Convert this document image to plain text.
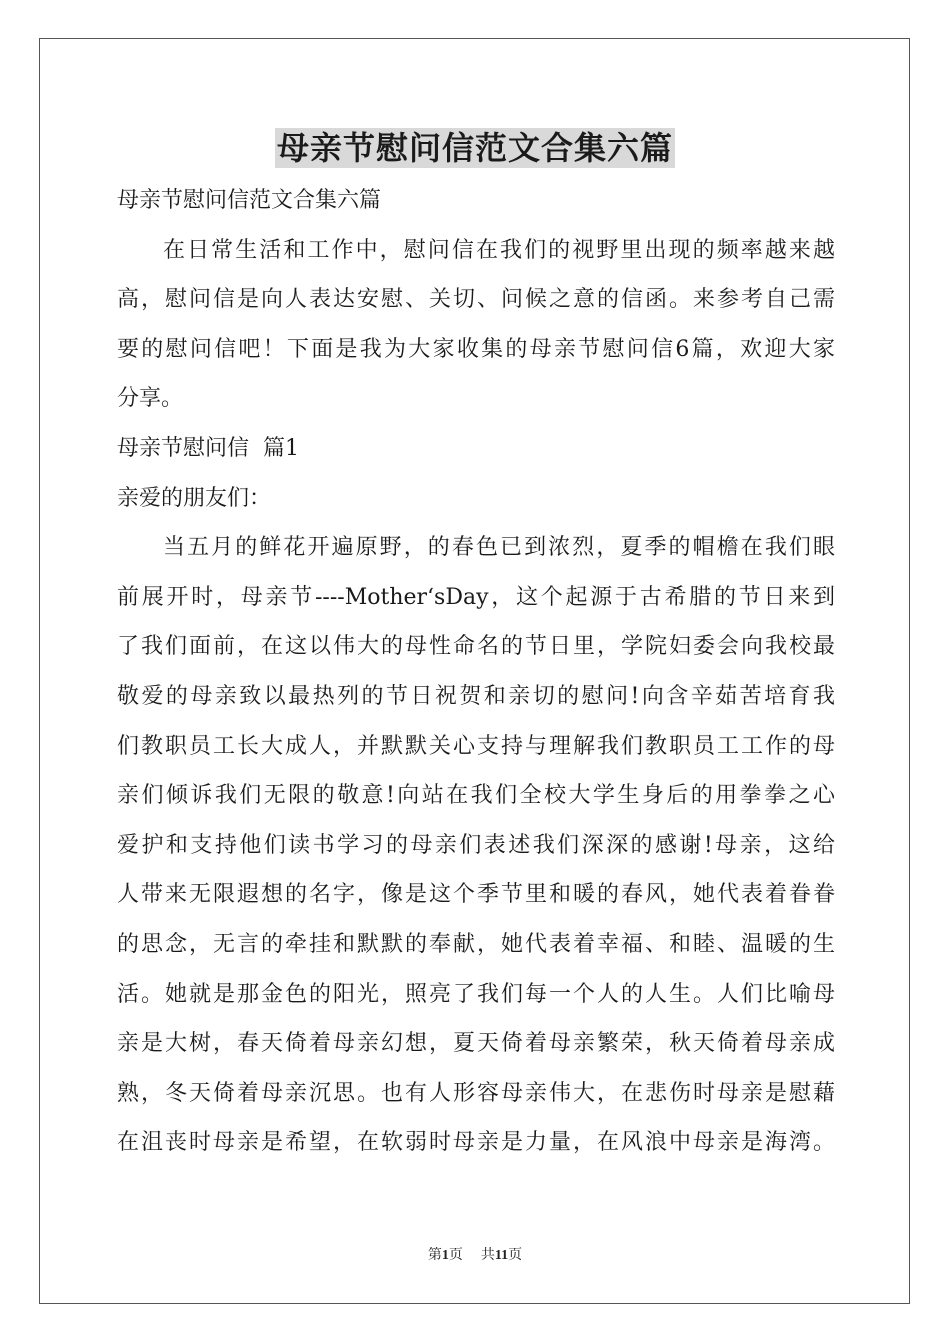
母亲节慰问信范文合集六篇
母亲节慰问信范文合集六篇
在日常生活和工作中，慰问信在我们的视野里出现的频率越来越
高，慰问信是向人表达安慰、关切、问候之意的信函。来参考自己需
要的慰问信吧！下面是我为大家收集的母亲节慰问信6篇，欢迎大家
分享。
母亲节慰问信  篇1
亲爱的朋友们：
当五月的鲜花开遍原野，的春色已到浓烈，夏季的帽檐在我们眼
前展开时，母亲节----Mother‘sDay，这个起源于古希腊的节日来到
了我们面前，在这以伟大的母性命名的节日里，学院妇委会向我校最
敬爱的母亲致以最热列的节日祝贺和亲切的慰问!向含辛茹苦培育我
们教职员工长大成人，并默默关心支持与理解我们教职员工工作的母
亲们倾诉我们无限的敬意!向站在我们全校大学生身后的用拳拳之心
爱护和支持他们读书学习的母亲们表述我们深深的感谢!母亲，这给
人带来无限遐想的名字，像是这个季节里和暖的春风，她代表着眷眷
的思念，无言的牵挂和默默的奉献，她代表着幸福、和睦、温暖的生
活。她就是那金色的阳光，照亮了我们每一个人的人生。人们比喻母
亲是大树，春天倚着母亲幻想，夏天倚着母亲繁荣，秋天倚着母亲成
熟，冬天倚着母亲沉思。也有人形容母亲伟大，在悲伤时母亲是慰藉
在沮丧时母亲是希望，在软弱时母亲是力量，在风浪中母亲是海湾。
第1页 共11页
